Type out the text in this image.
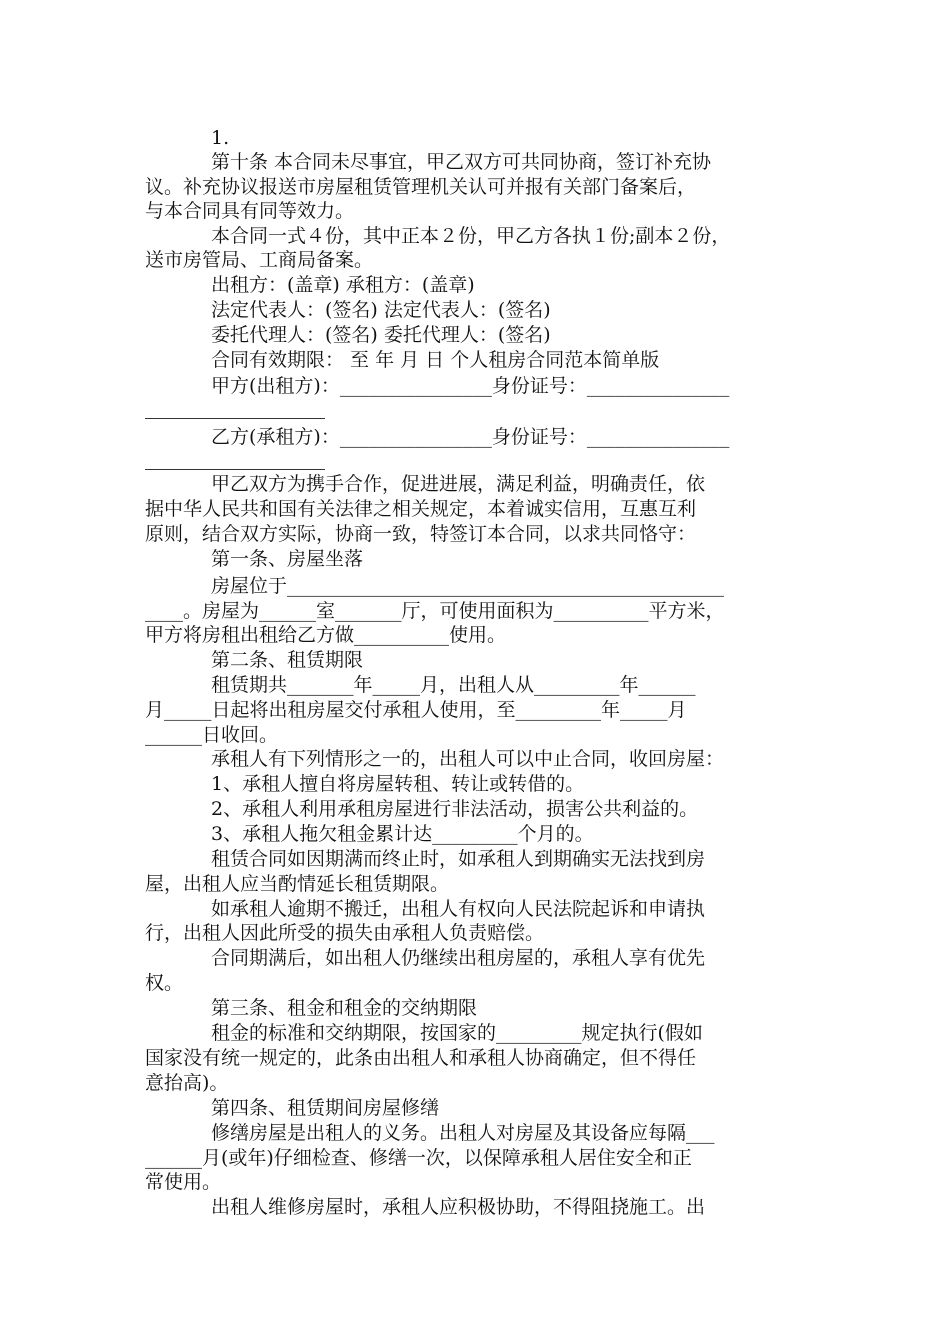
1.

第十条 本合同未尽事宜，甲乙双方可共同协商，签订补充协

议。补充协议报送市房屋租赁管理机关认可并报有关部门备案后，

与本合同具有同等效力。

本合同一式４份，其中正本２份，甲乙方各执１份;副本２份，

送市房管局、工商局备案。

出租方：(盖章) 承租方：(盖章)

法定代表人：(签名) 法定代表人：(签名)

委托代理人：(签名) 委托代理人：(签名)

合同有效期限： 至 年 月 日 个人租房合同范本简单版

甲方(出租方)：________________身份证号：_______________

乙方(承租方)：________________身份证号：_______________

甲乙双方为携手合作，促进进展，满足利益，明确责任，依

据中华人民共和国有关法律之相关规定，本着诚实信用，互惠互利

原则，结合双方实际，协商一致，特签订本合同，以求共同恪守：

第一条、房屋坐落

房屋位于______________________________________________

____。房屋为______室_______厅，可使用面积为__________平方米，

甲方将房租出租给乙方做__________使用。

第二条、租赁期限

租赁期共_______年_____月，出租人从_________年______

月_____日起将出租房屋交付承租人使用，至_________年_____月

______日收回。

承租人有下列情形之一的，出租人可以中止合同，收回房屋：

1、承租人擅自将房屋转租、转让或转借的。

2、承租人利用承租房屋进行非法活动，损害公共利益的。

3、承租人拖欠租金累计达_________个月的。

租赁合同如因期满而终止时，如承租人到期确实无法找到房

屋，出租人应当酌情延长租赁期限。

如承租人逾期不搬迁，出租人有权向人民法院起诉和申请执

行，出租人因此所受的损失由承租人负责赔偿。

合同期满后，如出租人仍继续出租房屋的，承租人享有优先

权。

第三条、租金和租金的交纳期限

租金的标准和交纳期限，按国家的_________规定执行(假如

国家没有统一规定的，此条由出租人和承租人协商确定，但不得任

意抬高)。

第四条、租赁期间房屋修缮

修缮房屋是出租人的义务。出租人对房屋及其设备应每隔___

______月(或年)仔细检查、修缮一次，以保障承租人居住安全和正

常使用。

出租人维修房屋时，承租人应积极协助，不得阻挠施工。出
